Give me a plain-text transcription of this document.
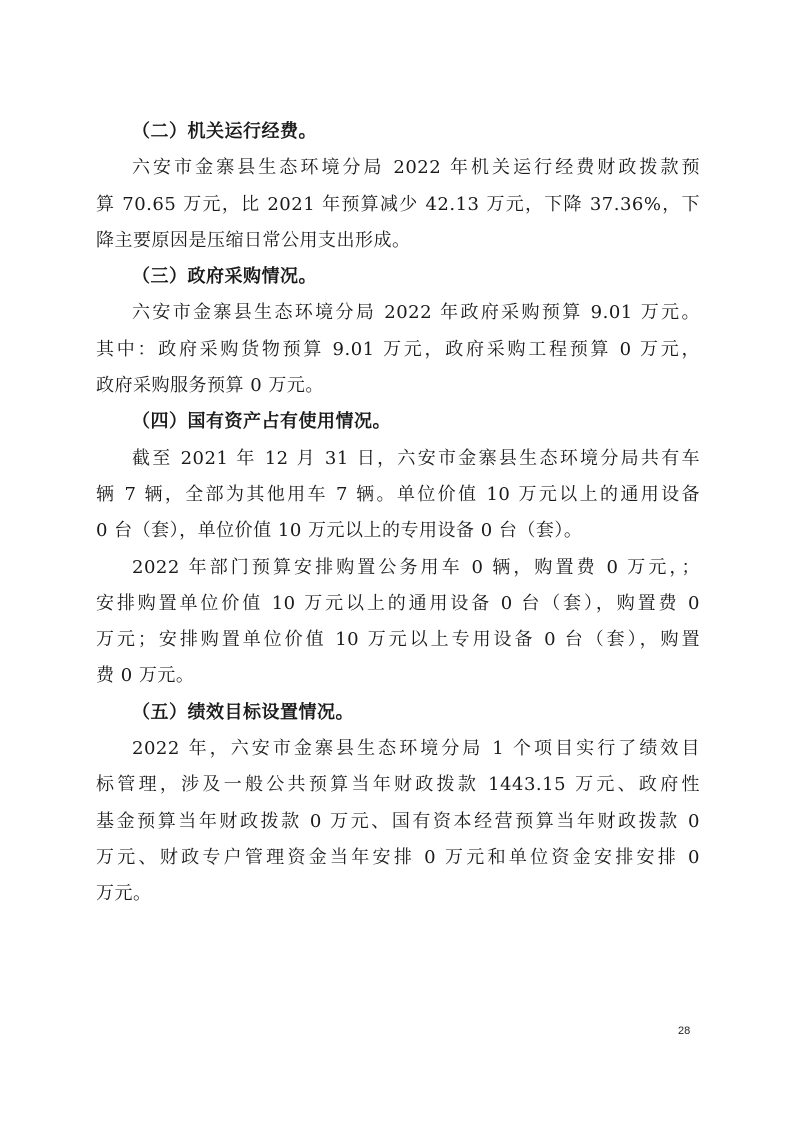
（二）机关运行经费。
六安市金寨县生态环境分局 2022 年机关运行经费财政拨款预
算 70.65 万元，比 2021 年预算减少 42.13 万元，下降 37.36%，下
降主要原因是压缩日常公用支出形成。
（三）政府采购情况。
六安市金寨县生态环境分局 2022 年政府采购预算 9.01 万元。
其中：政府采购货物预算 9.01 万元，政府采购工程预算 0 万元，
政府采购服务预算 0 万元。
（四）国有资产占有使用情况。
截至 2021 年 12 月 31 日，六安市金寨县生态环境分局共有车
辆 7 辆，全部为其他用车 7 辆。单位价值 10 万元以上的通用设备
0 台（套），单位价值 10 万元以上的专用设备 0 台（套）。
2022 年部门预算安排购置公务用车 0 辆，购置费 0 万元，；
安排购置单位价值 10 万元以上的通用设备 0 台（套），购置费 0
万元；安排购置单位价值 10 万元以上专用设备 0 台（套），购置
费 0 万元。
（五）绩效目标设置情况。
2022 年，六安市金寨县生态环境分局 1 个项目实行了绩效目
标管理，涉及一般公共预算当年财政拨款 1443.15 万元、政府性
基金预算当年财政拨款 0 万元、国有资本经营预算当年财政拨款 0
万元、财政专户管理资金当年安排 0 万元和单位资金安排安排 0
万元。
28
